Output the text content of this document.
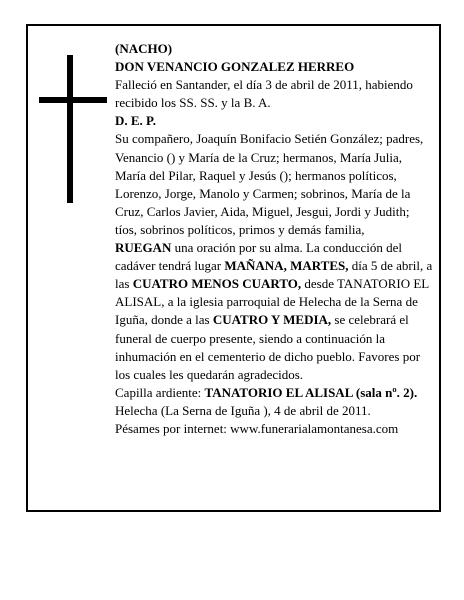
(NACHO)

DON VENANCIO GONZALEZ HERREO

Falleció en Santander, el día 3 de abril de 2011, habiendo recibido los SS. SS. y la B. A.

D. E. P.

Su compañero, Joaquín Bonifacio Setién González; padres, Venancio () y María de la Cruz; hermanos, María Julia, María del Pilar, Raquel y Jesús (); hermanos políticos, Lorenzo, Jorge, Manolo y Carmen; sobrinos, María de la Cruz, Carlos Javier, Aida, Miguel, Jesgui, Jordi y Judith; tíos, sobrinos políticos, primos y demás familia,

RUEGAN una oración por su alma. La conducción del cadáver tendrá lugar MAÑANA, MARTES, día 5 de abril, a las CUATRO MENOS CUARTO, desde TANATORIO EL ALISAL, a la iglesia parroquial de Helecha de la Serna de Iguña, donde a las CUATRO Y MEDIA, se celebrará el funeral de cuerpo presente, siendo a continuación la inhumación en el cementerio de dicho pueblo. Favores por los cuales les quedarán agradecidos.

Capilla ardiente: TANATORIO EL ALISAL (sala nº. 2).

Helecha (La Serna de Iguña ), 4 de abril de 2011.

Pésames por internet: www.funerarialamontanesa.com
